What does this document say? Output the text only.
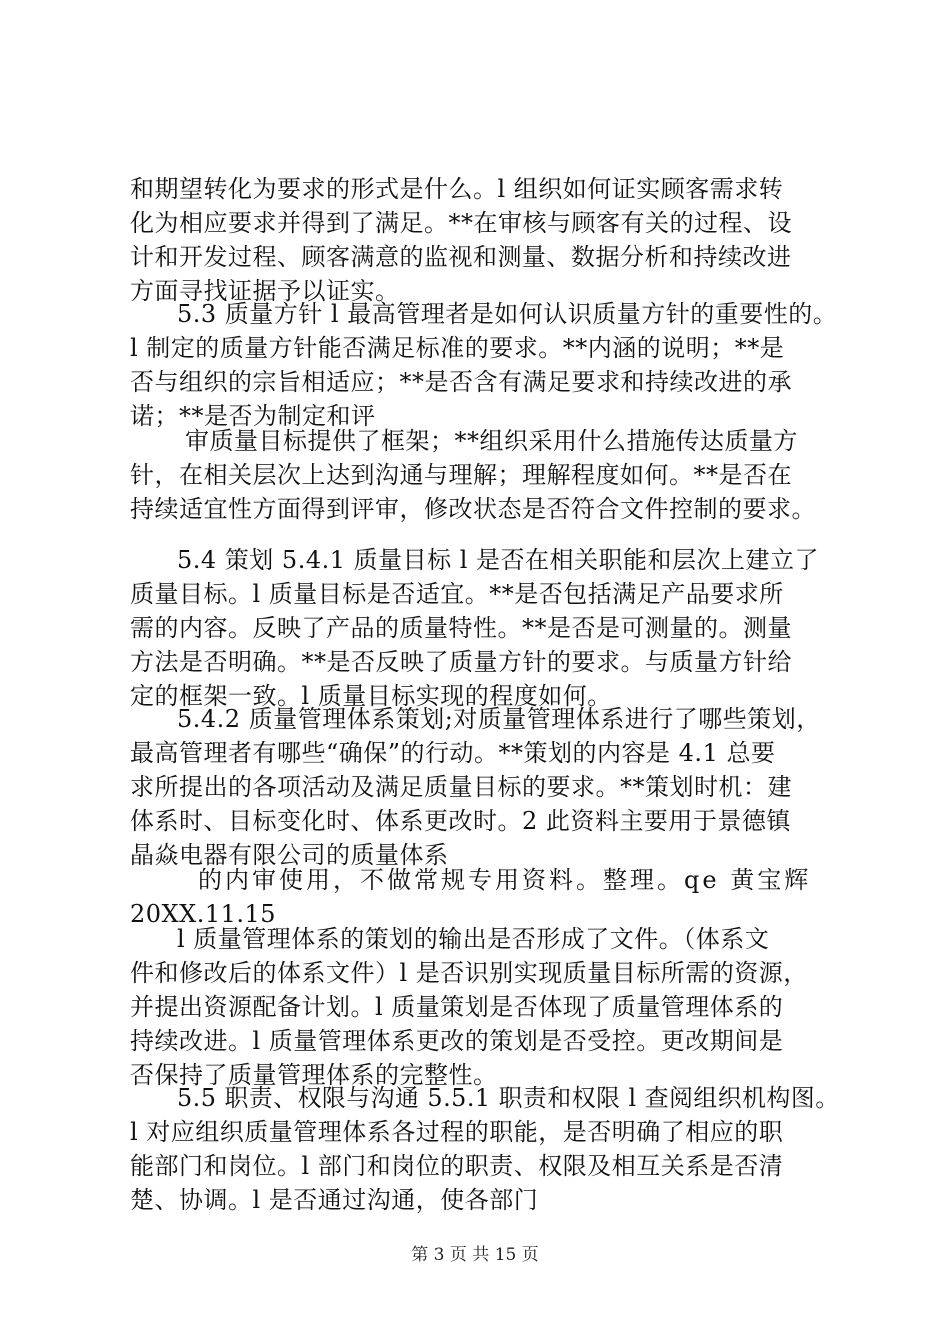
和期望转化为要求的形式是什么。l 组织如何证实顾客需求转
化为相应要求并得到了满足。**在审核与顾客有关的过程、设
计和开发过程、顾客满意的监视和测量、数据分析和持续改进
方面寻找证据予以证实。
5.3 质量方针 l 最高管理者是如何认识质量方针的重要性的。
l 制定的质量方针能否满足标准的要求。**内涵的说明；**是
否与组织的宗旨相适应；**是否含有满足要求和持续改进的承
诺；**是否为制定和评
审质量目标提供了框架；**组织采用什么措施传达质量方
针，在相关层次上达到沟通与理解；理解程度如何。**是否在
持续适宜性方面得到评审，修改状态是否符合文件控制的要求。
5.4 策划 5.4.1 质量目标 l 是否在相关职能和层次上建立了
质量目标。l 质量目标是否适宜。**是否包括满足产品要求所
需的内容。反映了产品的质量特性。**是否是可测量的。测量
方法是否明确。**是否反映了质量方针的要求。与质量方针给
定的框架一致。l 质量目标实现的程度如何。
5.4.2 质量管理体系策划;对质量管理体系进行了哪些策划，
最高管理者有哪些“确保”的行动。**策划的内容是 4.1 总要
求所提出的各项活动及满足质量目标的要求。**策划时机：建
体系时、目标变化时、体系更改时。2 此资料主要用于景德镇
晶焱电器有限公司的质量体系
的内审使用，不做常规专用资料。整理。qe 黄宝辉
20XX.11.15
l 质量管理体系的策划的输出是否形成了文件。（体系文
件和修改后的体系文件）l 是否识别实现质量目标所需的资源，
并提出资源配备计划。l 质量策划是否体现了质量管理体系的
持续改进。l 质量管理体系更改的策划是否受控。更改期间是
否保持了质量管理体系的完整性。
5.5 职责、权限与沟通 5.5.1 职责和权限 l 查阅组织机构图。
l 对应组织质量管理体系各过程的职能，是否明确了相应的职
能部门和岗位。l 部门和岗位的职责、权限及相互关系是否清
楚、协调。l 是否通过沟通，使各部门
第 3 页 共 15 页
